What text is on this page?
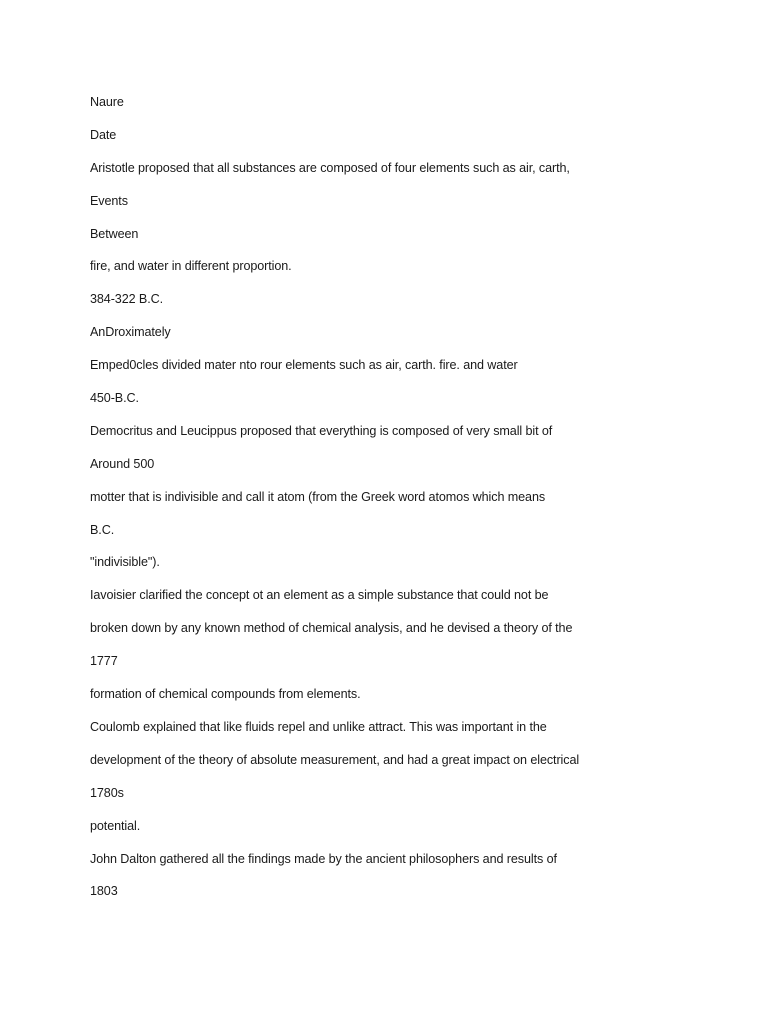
Naure

Date

Aristotle proposed that all substances are composed of four elements such as air, carth,

Events

Between

fire, and water in different proportion.

384-322 B.C.

AnDroximately

Emped0cles divided mater nto rour elements such as air, carth. fire. and water

450-B.C.

Democritus and Leucippus proposed that everything is composed of very small bit of

Around 500

motter that is indivisible and call it atom (from the Greek word atomos which means

B.C.

"indivisible").

Iavoisier clarified the concept ot an element as a simple substance that could not be

broken down by any known method of chemical analysis, and he devised a theory of the

1777

formation of chemical compounds from elements.

Coulomb explained that like fluids repel and unlike attract. This was important in the

development of the theory of absolute measurement, and had a great impact on electrical

1780s

potential.

John Dalton gathered all the findings made by the ancient philosophers and results of

1803
